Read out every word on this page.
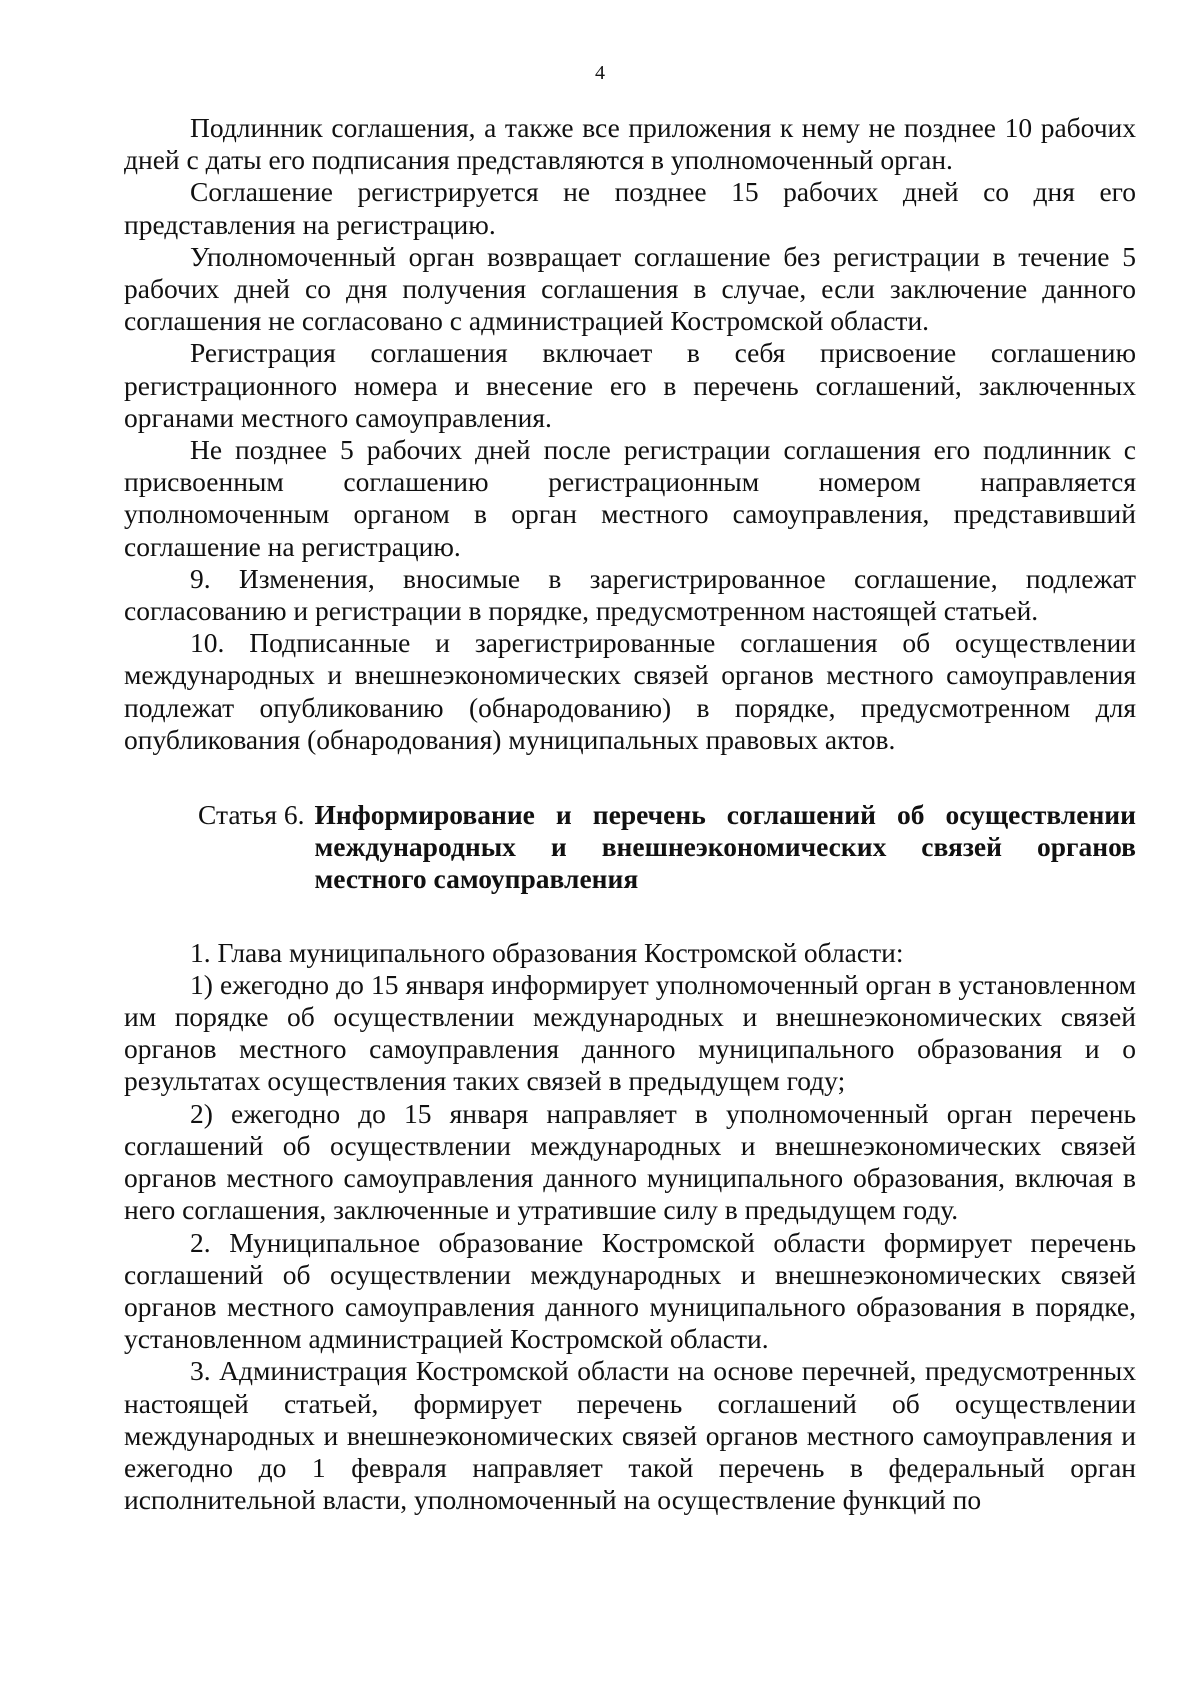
4

Подлинник соглашения, а также все приложения к нему не позднее 10 рабочих дней с даты его подписания представляются в уполномоченный орган.

Соглашение регистрируется не позднее 15 рабочих дней со дня его представления на регистрацию.

Уполномоченный орган возвращает соглашение без регистрации в течение 5 рабочих дней со дня получения соглашения в случае, если заключение данного соглашения не согласовано с администрацией Костромской области.

Регистрация соглашения включает в себя присвоение соглашению регистрационного номера и внесение его в перечень соглашений, заключенных органами местного самоуправления.

Не позднее 5 рабочих дней после регистрации соглашения его подлинник с присвоенным соглашению регистрационным номером направляется уполномоченным органом в орган местного самоуправления, представивший соглашение на регистрацию.

9. Изменения, вносимые в зарегистрированное соглашение, подлежат согласованию и регистрации в порядке, предусмотренном настоящей статьей.

10. Подписанные и зарегистрированные соглашения об осуществлении международных и внешнеэкономических связей органов местного самоуправления подлежат опубликованию (обнародованию) в порядке, предусмотренном для опубликования (обнародования) муниципальных правовых актов.

Статья 6. Информирование и перечень соглашений об осуществлении международных и внешнеэкономических связей органов местного самоуправления

1. Глава муниципального образования Костромской области:

1) ежегодно до 15 января информирует уполномоченный орган в установленном им порядке об осуществлении международных и внешнеэкономических связей органов местного самоуправления данного муниципального образования и о результатах осуществления таких связей в предыдущем году;

2) ежегодно до 15 января направляет в уполномоченный орган перечень соглашений об осуществлении международных и внешнеэкономических связей органов местного самоуправления данного муниципального образования, включая в него соглашения, заключенные и утратившие силу в предыдущем году.

2. Муниципальное образование Костромской области формирует перечень соглашений об осуществлении международных и внешнеэкономических связей органов местного самоуправления данного муниципального образования в порядке, установленном администрацией Костромской области.

3. Администрация Костромской области на основе перечней, предусмотренных настоящей статьей, формирует перечень соглашений об осуществлении международных и внешнеэкономических связей органов местного самоуправления и ежегодно до 1 февраля направляет такой перечень в федеральный орган исполнительной власти, уполномоченный на осуществление функций по
